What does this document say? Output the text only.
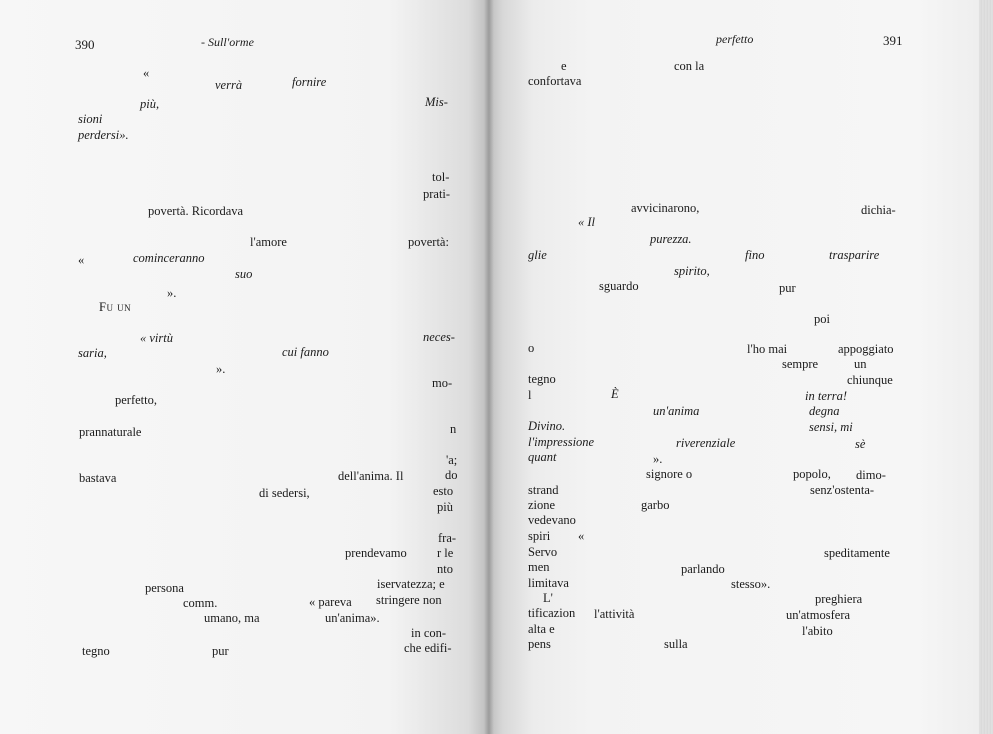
390	- Sull'orme
«
verrà	fornire
più,	Mis-
sioni
perdersi».
tol-
prati-
povertà. Ricordava
l'amore	povertà:
«	cominceranno
suo
».
Fu un
« virtù	neces-
saria,	cui fanno
».
mo-
perfetto,
prannaturale	n
'a;
bastava	dell'anima. Il	do
di sedersi,	esto
più
fra-
prendevamo r le
nto
persona	iservatezza; e
comm.	« pareva stringere non
umano, ma	un'anima».
in con-
tegno	pur	che edifi-
perfetto	391
e	con la
confortava
avvicinarono,	dichia-
« Il
purezza.
glie	fino	trasparire
spirito,
sguardo	pur
poi
o	l'ho mai	appoggiato
sempre	un
tegno	chiunque
l	È	in terra!
un'anima	degna
Divino.	sensi, mi
l'impressione	riverenziale	sè
quant	».
signore o	popolo, dimo-
strand	senz'ostenta-
zione	garbo
vedevano
spiri «
Servo	speditamente
men	parlando
limitava	stesso».
L'	preghiera
tificazion l'attività	un'atmosfera
alta e	l'abito
pens	sulla
